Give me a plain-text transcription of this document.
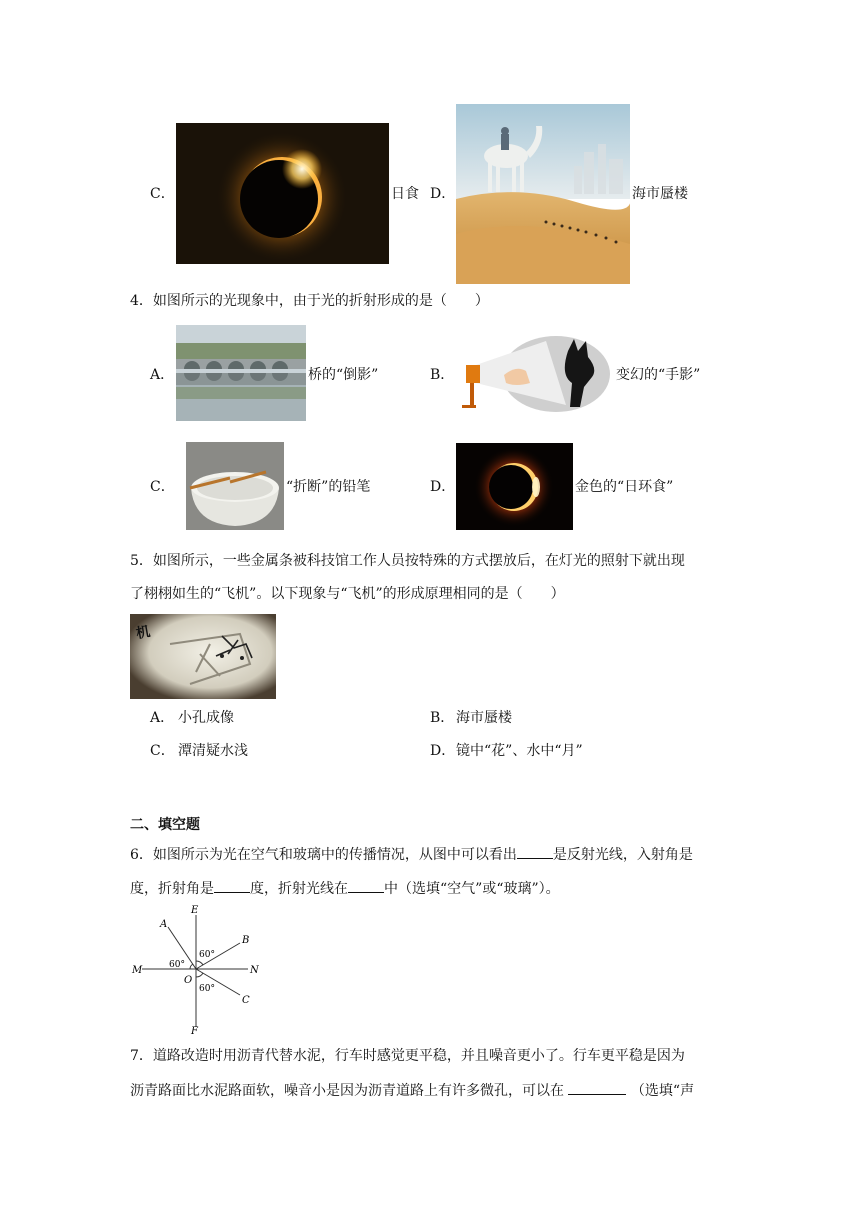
C．	日食 D．	海市蜃楼
4．如图所示的光现象中，由于光的折射形成的是（　　）
A．	桥的“倒影”	B．	变幻的“手影”
C．	“折断”的铅笔	D．	金色的“日环食”
5．如图所示，一些金属条被科技馆工作人员按特殊的方式摆放后，在灯光的照射下就出现
了栩栩如生的“飞机”。以下现象与“飞机”的形成原理相同的是（　　）
机
A． 小孔成像	B． 海市蜃楼
C． 潭清疑水浅	D． 镜中“花”、水中“月”
二、填空题
6．如图所示为光在空气和玻璃中的传播情况，从图中可以看出	是反射光线，入射角是
度，折射角是	度，折射光线在	中（选填“空气”或“玻璃”）。
E
F
M	N
O
A
B
C
60°
60°
60°
7．道路改造时用沥青代替水泥，行车时感觉更平稳，并且噪音更小了。行车更平稳是因为
沥青路面比水泥路面软，噪音小是因为沥青道路上有许多微孔，可以在	（选填“声
